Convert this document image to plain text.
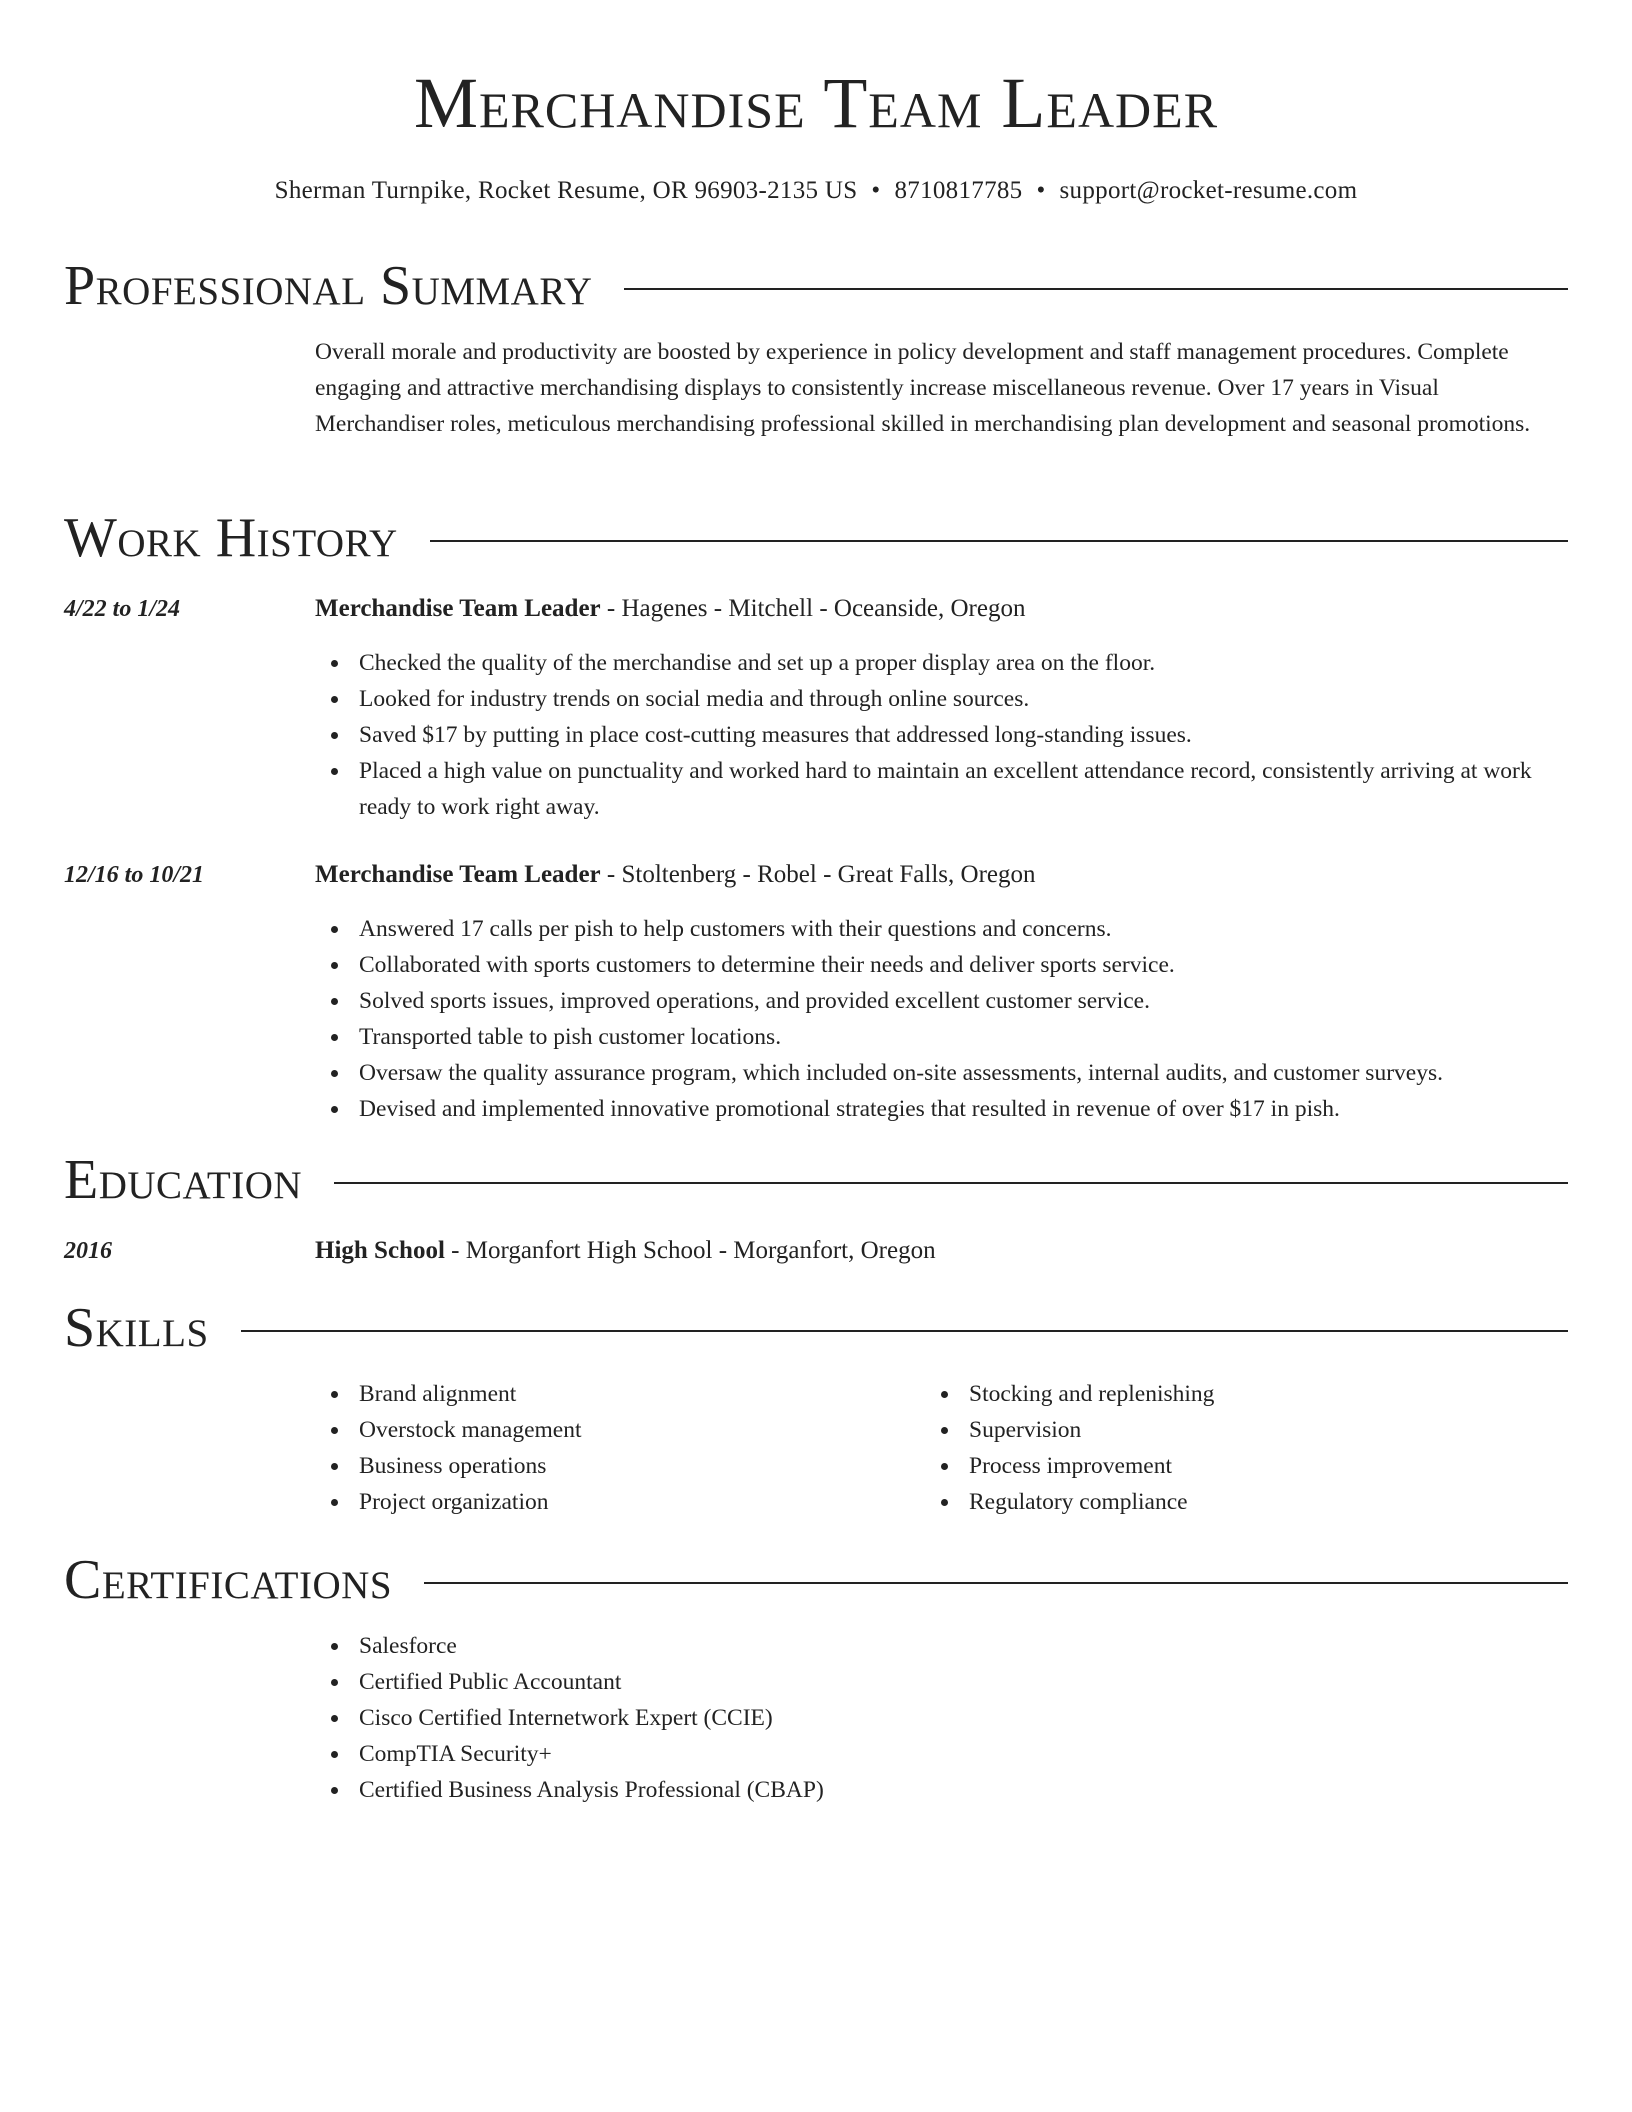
Merchandise Team Leader
Sherman Turnpike, Rocket Resume, OR 96903-2135 US • 8710817785 • support@rocket-resume.com
Professional Summary

Overall morale and productivity are boosted by experience in policy development and staff management procedures. Complete engaging and attractive merchandising displays to consistently increase miscellaneous revenue. Over 17 years in Visual Merchandiser roles, meticulous merchandising professional skilled in merchandising plan development and seasonal promotions.

Work History
4/22 to 1/24	Merchandise Team Leader - Hagenes - Mitchell - Oceanside, Oregon
Checked the quality of the merchandise and set up a proper display area on the floor.
Looked for industry trends on social media and through online sources.
Saved $17 by putting in place cost-cutting measures that addressed long-standing issues.
Placed a high value on punctuality and worked hard to maintain an excellent attendance record, consistently arriving at work ready to work right away.
12/16 to 10/21	Merchandise Team Leader - Stoltenberg - Robel - Great Falls, Oregon
Answered 17 calls per pish to help customers with their questions and concerns.
Collaborated with sports customers to determine their needs and deliver sports service.
Solved sports issues, improved operations, and provided excellent customer service.
Transported table to pish customer locations.
Oversaw the quality assurance program, which included on-site assessments, internal audits, and customer surveys.
Devised and implemented innovative promotional strategies that resulted in revenue of over $17 in pish.
Education
2016	High School - Morganfort High School - Morganfort, Oregon
Skills
Brand alignment
Overstock management
Business operations
Project organization
Stocking and replenishing
Supervision
Process improvement
Regulatory compliance
Certifications
Salesforce
Certified Public Accountant
Cisco Certified Internetwork Expert (CCIE)
CompTIA Security+
Certified Business Analysis Professional (CBAP)
